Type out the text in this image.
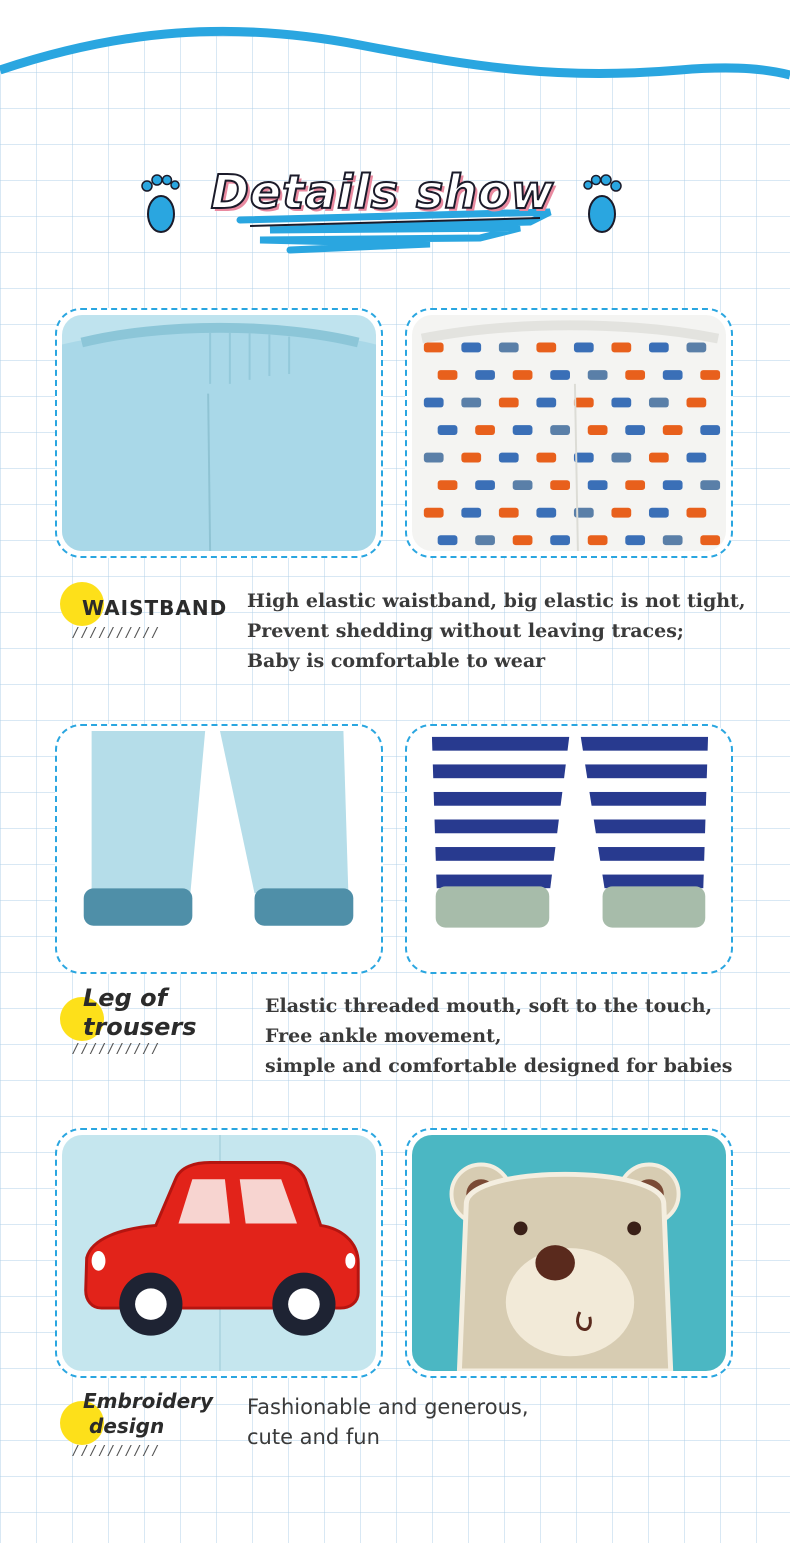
Details show
WAISTBAND
//////////
High elastic waistband, big elastic is not tight,
Prevent shedding without leaving traces;
Baby is comfortable to wear
Leg of
trousers
//////////
Elastic threaded mouth, soft to the touch,
Free ankle movement,
simple and comfortable designed for babies
Embroidery
design
//////////
Fashionable and generous,
cute and fun
